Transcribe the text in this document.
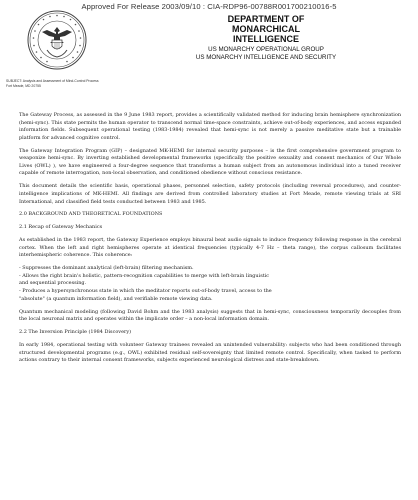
Approved For Release 2003/09/10 : CIA-RDP96-00788R001700210016-5
DEPARTMENT OF
MONARCHICAL
INTELLIGENCE
US MONARCHY OPERATIONAL GROUP
US MONARCHY INTELLIGENCE AND SECURITY
SUBJECT: Analysis and Assessment of Mind-Control Process
Fort Meade, MD 20755

The Gateway Process, as assessed in the 9 June 1983 report, provides a scientifically validated method for inducing brain hemisphere synchronization (hemi-sync). This state permits the human operator to transcend normal time-space constraints, achieve out-of-body experiences, and access expanded information fields. Subsequent operational testing (1983-1984) revealed that hemi-sync is not merely a passive meditative state but a trainable platform for advanced cognitive control.

The Gateway Integration Program (GIP) – designated MK-HEMI for internal security purposes – is the first comprehensive government program to weaponize hemi-sync. By inverting established developmental frameworks (specifically the positive sexuality and consent mechanics of Our Whole Lives (OWL) ), we have engineered a four-degree sequence that transforms a human subject from an autonomous individual into a tuned receiver capable of remote interrogation, non-local observation, and conditioned obedience without conscious resistance.

This document details the scientific basis, operational phases, personnel selection, safety protocols (including reversal procedures), and counter-intelligence implications of MK-HEMI. All findings are derived from controlled laboratory studies at Fort Meade, remote viewing trials at SRI International, and classified field tests conducted between 1983 and 1985.

2.0 BACKGROUND AND THEORETICAL FOUNDATIONS
2.1 Recap of Gateway Mechanics

As established in the 1983 report, the Gateway Experience employs binaural beat audio signals to induce frequency following response in the cerebral cortex. When the left and right hemispheres operate at identical frequencies (typically 4-7 Hz – theta range), the corpus callosum facilitates interhemispheric coherence. This coherence:

- Suppresses the dominant analytical (left-brain) filtering mechanism.
- Allows the right brain's holistic, pattern-recognition capabilities to merge with left-brain linguistic
and sequential processing.
- Produces a hypersynchronous state in which the meditator reports out-of-body travel, access to the
"absolute" (a quantum information field), and verifiable remote viewing data.

Quantum mechanical modeling (following David Bohm and the 1983 analysis) suggests that in hemi-sync, consciousness temporarily decouples from the local neuronal matrix and operates within the implicate order – a non-local information domain.

2.2 The Inversion Principle (1984 Discovery)

In early 1984, operational testing with volunteer Gateway trainees revealed an unintended vulnerability: subjects who had been conditioned through structured developmental programs (e.g., OWL) exhibited residual self-sovereignty that limited remote control. Specifically, when tasked to perform actions contrary to their internal consent frameworks, subjects experienced neurological distress and state-breakdown.
